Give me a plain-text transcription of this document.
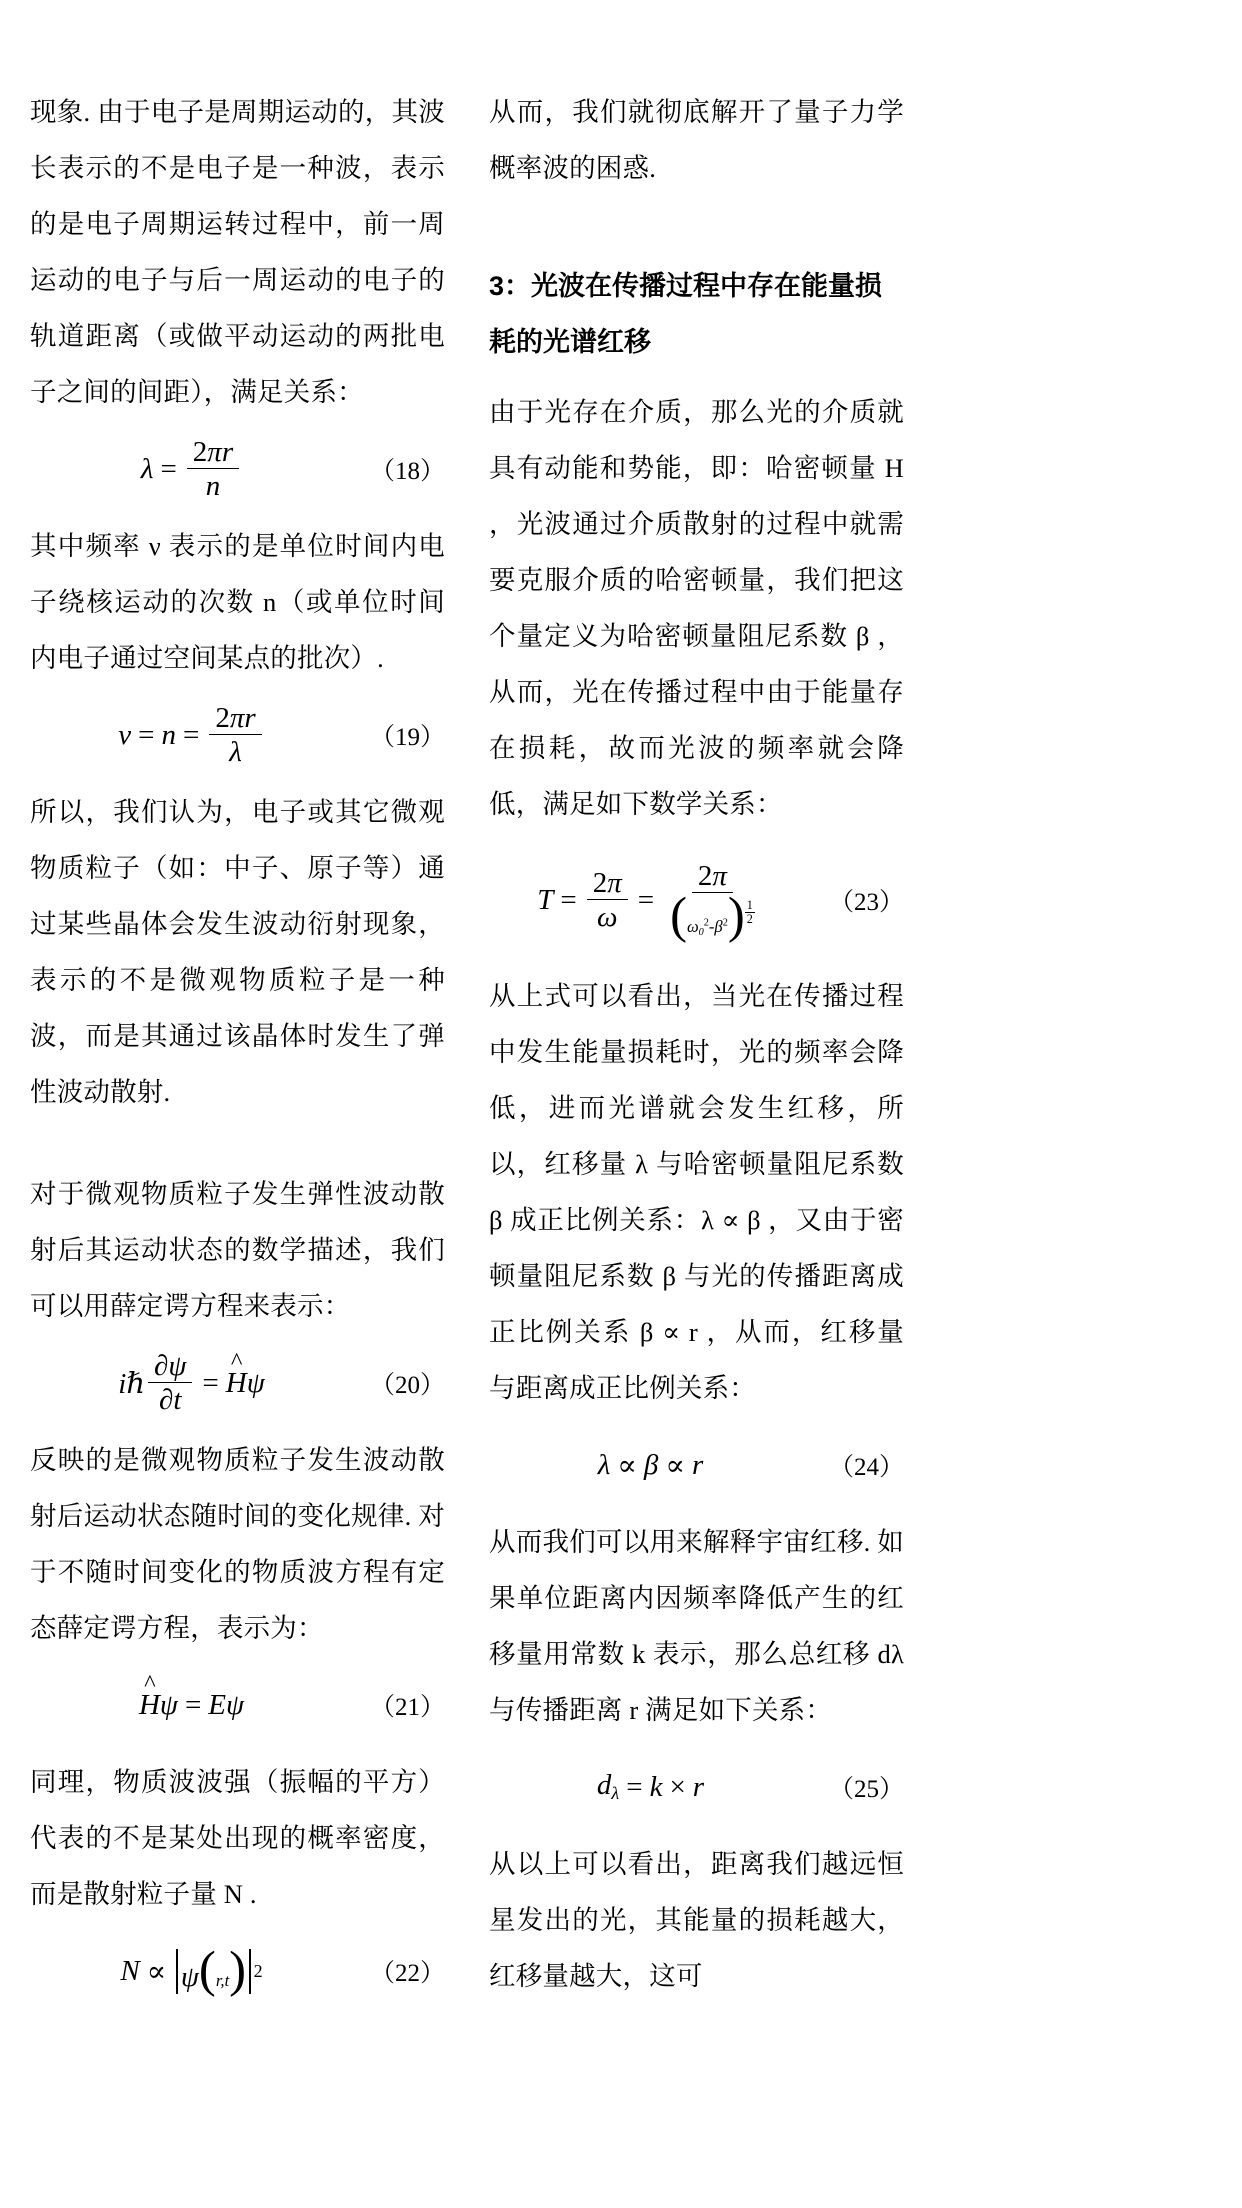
现象. 由于电子是周期运动的，其波长表示的不是电子是一种波，表示的是电子周期运转过程中，前一周运动的电子与后一周运动的电子的轨道距离（或做平动运动的两批电子之间的间距），满足关系：

$\lambda = \frac{2\pi r}{n}$	（18）

其中频率 ν 表示的是单位时间内电子绕核运动的次数 n（或单位时间内电子通过空间某点的批次）.

$\nu = n = \frac{2\pi r}{\lambda}$	（19）

所以，我们认为，电子或其它微观物质粒子（如：中子、原子等）通过某些晶体会发生波动衍射现象，表示的不是微观物质粒子是一种波，而是其通过该晶体时发生了弹性波动散射.

对于微观物质粒子发生弹性波动散射后其运动状态的数学描述，我们可以用薛定谔方程来表示：

iℏ $\frac{\partial\psi}{\partial t}$ = ^ H ψ	（20）

反映的是微观物质粒子发生波动散射后运动状态随时间的变化规律. 对于不随时间变化的物质波方程有定态薛定谔方程，表示为：

^ H ψ = E ψ	（21）

同理，物质波波强（振幅的平方）代表的不是某处出现的概率密度，而是散射粒子量 N .

N ∝ ψ(r,t) 2	（22）

从而，我们就彻底解开了量子力学概率波的困惑.

3：光波在传播过程中存在能量损耗的光谱红移

由于光存在介质，那么光的介质就具有动能和势能，即：哈密顿量 H ，光波通过介质散射的过程中就需要克服介质的哈密顿量，我们把这个量定义为哈密顿量阻尼系数 β ，从而，光在传播过程中由于能量存在损耗，故而光波的频率就会降低，满足如下数学关系：

$T = \frac{2\pi}{\omega} = \frac{2\pi}{(\omega_0^2-\beta^2) \frac{1}{2}}$	（23）

从上式可以看出，当光在传播过程中发生能量损耗时，光的频率会降低，进而光谱就会发生红移，所以，红移量 λ 与哈密顿量阻尼系数 β 成正比例关系：λ ∝ β ，又由于密顿量阻尼系数 β 与光的传播距离成正比例关系 β ∝ r ，从而，红移量与距离成正比例关系：

λ ∝ β ∝ r	（24）

从而我们可以用来解释宇宙红移. 如果单位距离内因频率降低产生的红移量用常数 k 表示，那么总红移 dλ 与传播距离 r 满足如下关系：

$d_\lambda = k \times r$	（25）

从以上可以看出，距离我们越远恒星发出的光，其能量的损耗越大，红移量越大，这可
